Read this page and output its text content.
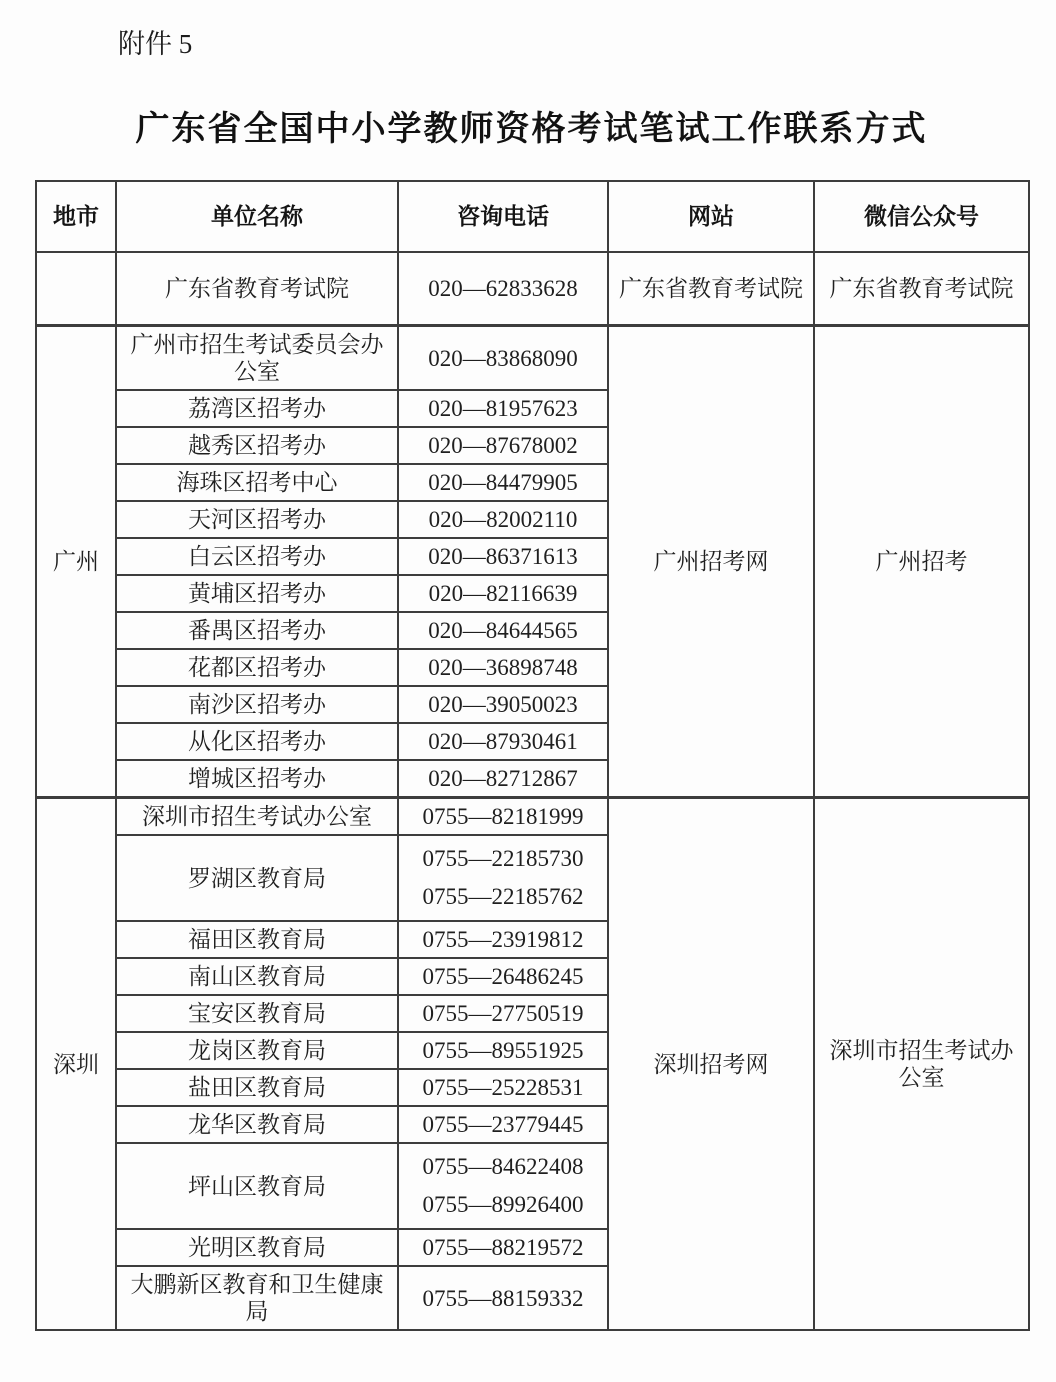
附件 5
广东省全国中小学教师资格考试笔试工作联系方式
地市	单位名称	咨询电话	网站	微信公众号
	广东省教育考试院	020—62833628	广东省教育考试院	广东省教育考试院
广州	广州市招生考试委员会办公室	020—83868090	广州招考网	广州招考
	荔湾区招考办	020—81957623		

	越秀区招考办	020—87678002		

	海珠区招考中心	020—84479905		

	天河区招考办	020—82002110		

	白云区招考办	020—86371613		

	黄埔区招考办	020—82116639		

	番禺区招考办	020—84644565		

	花都区招考办	020—36898748		

	南沙区招考办	020—39050023		

	从化区招考办	020—87930461		

	增城区招考办	020—82712867		

深圳	深圳市招生考试办公室	0755—82181999	深圳招考网	深圳市招生考试办公室
	罗湖区教育局	0755—22185730
0755—22185762		

	福田区教育局	0755—23919812		

	南山区教育局	0755—26486245		

	宝安区教育局	0755—27750519		

	龙岗区教育局	0755—89551925		

	盐田区教育局	0755—25228531		

	龙华区教育局	0755—23779445		

	坪山区教育局	0755—84622408
0755—89926400		

	光明区教育局	0755—88219572		

	大鹏新区教育和卫生健康局	0755—88159332		
